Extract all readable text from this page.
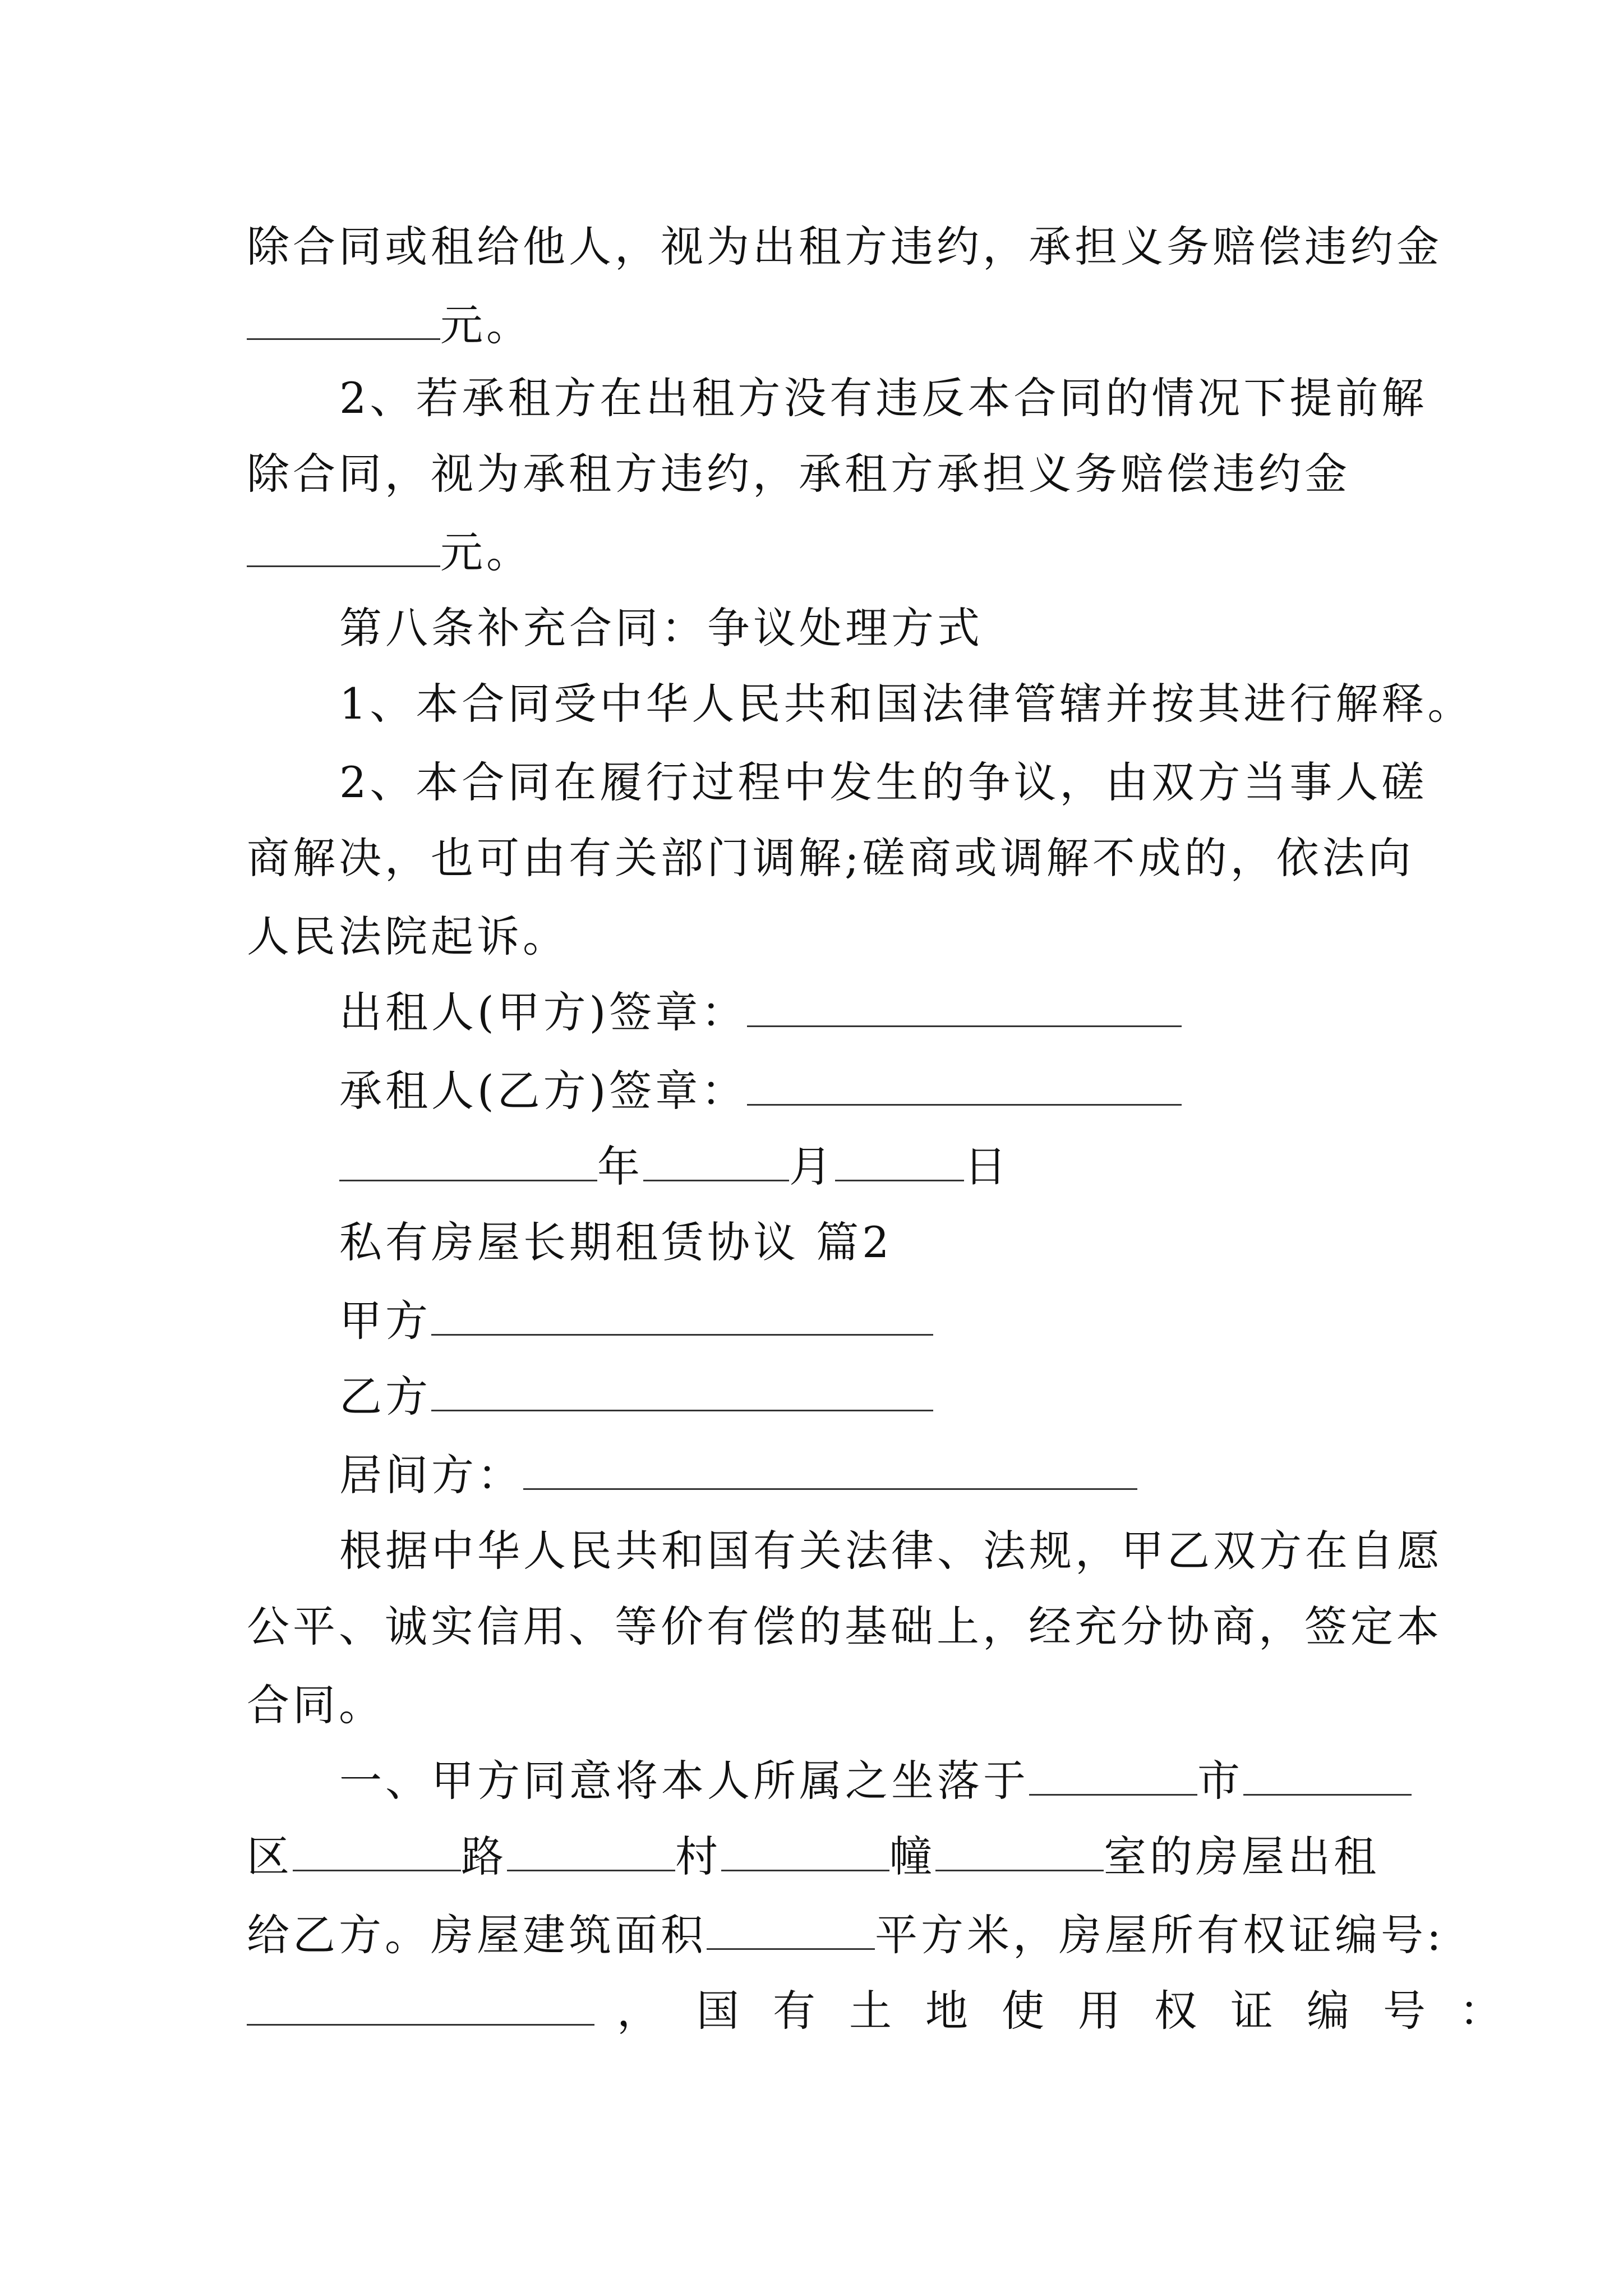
除合同或租给他人，视为出租方违约，承担义务赔偿违约金
元。
2、若承租方在出租方没有违反本合同的情况下提前解
除合同，视为承租方违约，承租方承担义务赔偿违约金
元。
第八条补充合同：争议处理方式
1、本合同受中华人民共和国法律管辖并按其进行解释。
2、本合同在履行过程中发生的争议，由双方当事人磋
商解决，也可由有关部门调解;磋商或调解不成的，依法向
人民法院起诉。
出租人(甲方)签章：
承租人(乙方)签章：
年	月	日
私有房屋长期租赁协议 篇2
甲方
乙方
居间方：
根据中华人民共和国有关法律、法规，甲乙双方在自愿
公平、诚实信用、等价有偿的基础上，经充分协商，签定本
合同。
一、甲方同意将本人所属之坐落于	市
区	路	村	幢	室的房屋出租
给乙方。房屋建筑面积	平方米，房屋所有权证编号:
， 国有土地使用权证编号：
